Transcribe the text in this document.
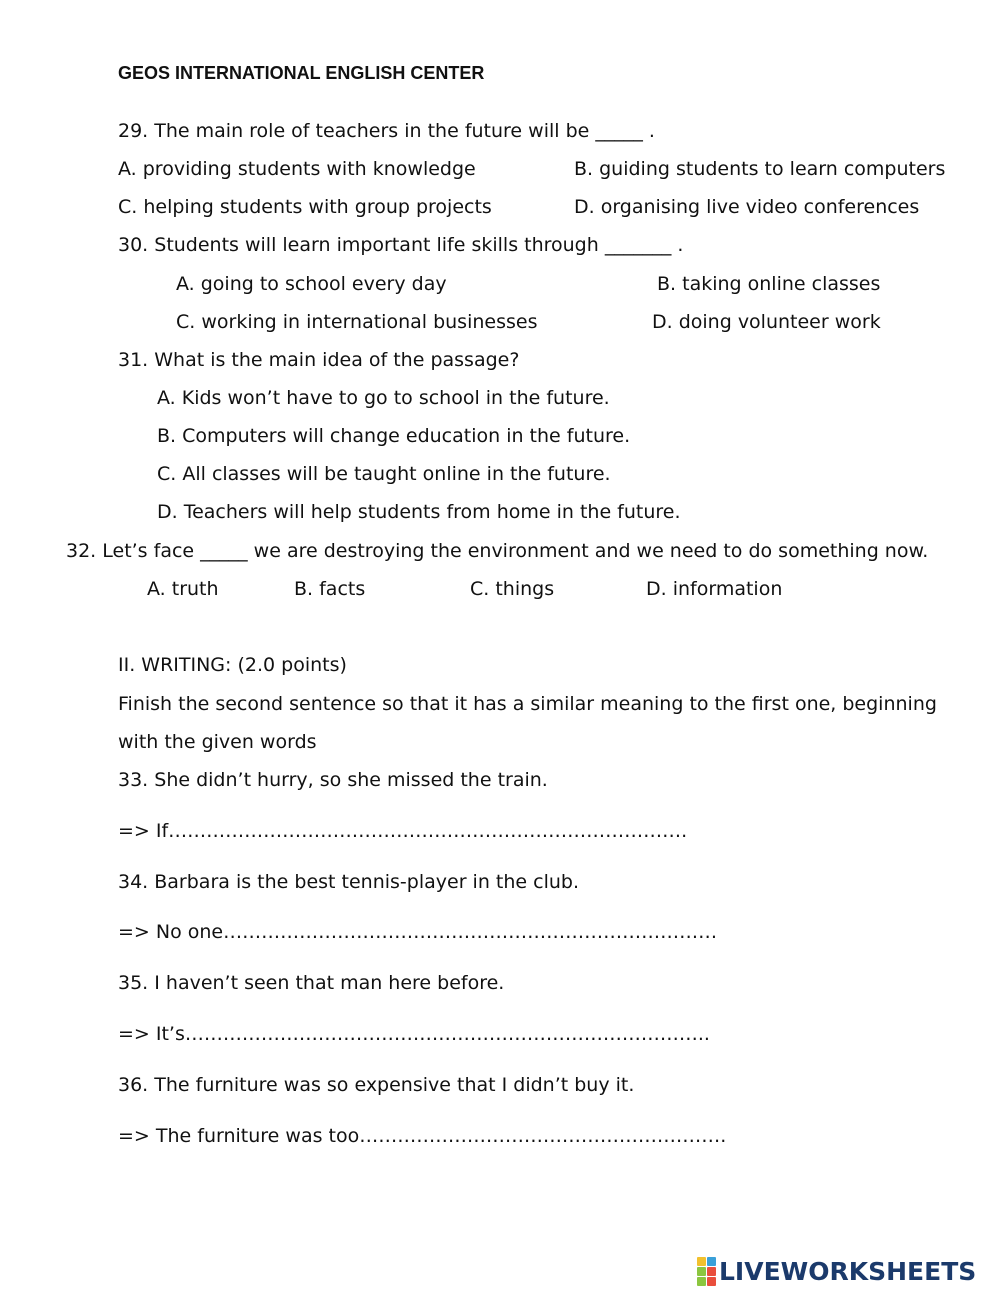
GEOS INTERNATIONAL ENGLISH CENTER
29. The main role of teachers in the future will be _____ .
A. providing students with knowledge	B. guiding students to learn computers
C. helping students with group projects	D. organising live video conferences
30. Students will learn important life skills through _______ .
A. going to school every day	B. taking online classes
C. working in international businesses	D. doing volunteer work
31. What is the main idea of the passage?
A. Kids won’t have to go to school in the future.
B. Computers will change education in the future.
C. All classes will be taught online in the future.
D. Teachers will help students from home in the future.
32. Let’s face _____ we are destroying the environment and we need to do something now.
A. truth	B. facts	C. things	D. information
II. WRITING: (2.0 points)
Finish the second sentence so that it has a similar meaning to the first one, beginning
with the given words
33. She didn’t hurry, so she missed the train.
=> If……………………………………………………………………….
34. Barbara is the best tennis-player in the club.
=> No one……………………………………………………………………
35. I haven’t seen that man here before.
=> It’s………………………………………………………………………..
36. The furniture was so expensive that I didn’t buy it.
=> The furniture was too………………………………………………….
LIVEWORKSHEETS
